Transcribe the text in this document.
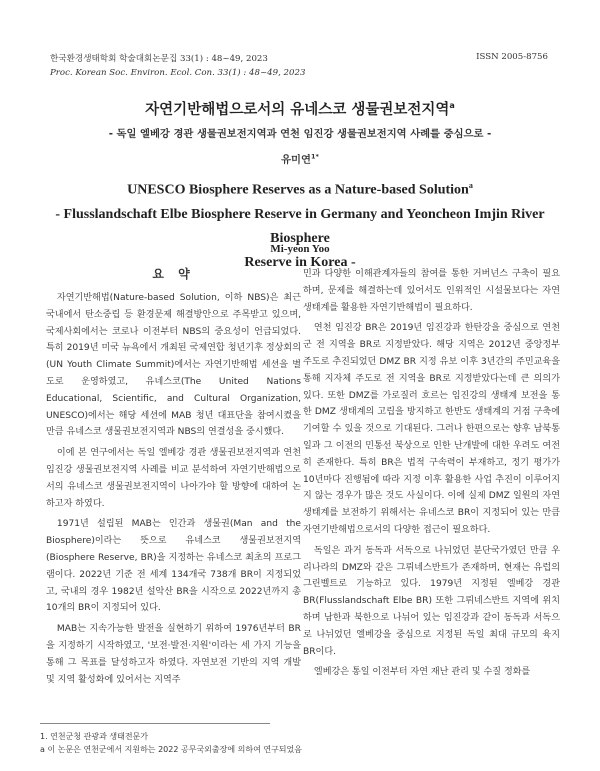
한국환경생태학회 학술대회논문집 33(1) : 48~49, 2023
Proc. Korean Soc. Environ. Ecol. Con. 33(1) : 48~49, 2023
ISSN 2005-8756
자연기반해법으로서의 유네스코 생물권보전지역$^a$
- 독일 엘베강 경관 생물권보전지역과 연천 임진강 생물권보전지역 사례를 중심으로 -
유미연$^{1*}$
UNESCO Biosphere Reserves as a Nature-based Solution$^a$
- Flusslandschaft Elbe Biosphere Reserve in Germany and Yeoncheon Imjin River Biosphere
Reserve in Korea -
Mi-yeon Yoo
요 약

자연기반해법(Nature-based Solution, 이하 NBS)은 최근 국내에서 탄소중립 등 환경문제 해결방안으로 주목받고 있으며, 국제사회에서는 코로나 이전부터 NBS의 중요성이 언급되었다. 특히 2019년 미국 뉴욕에서 개최된 국제연합 청년기후 정상회의(UN Youth Climate Summit)에서는 자연기반해법 세션을 별도로 운영하였고, 유네스코(The United Nations Educational, Scientific, and Cultural Organization, UNESCO)에서는 해당 세션에 MAB 청년 대표단을 참여시켰을 만큼 유네스코 생물권보전지역과 NBS의 연결성을 중시했다.

이에 본 연구에서는 독일 엘베강 경관 생물권보전지역과 연천 임진강 생물권보전지역 사례를 비교 분석하여 자연기반해법으로서의 유네스코 생물권보전지역이 나아가야 할 방향에 대하여 논하고자 하였다.

1971년 설립된 MAB는 인간과 생물권(Man and the Biosphere)이라는 뜻으로 유네스코 생물권보전지역(Biosphere Reserve, BR)을 지정하는 유네스코 최초의 프로그램이다. 2022년 기준 전 세계 134개국 738개 BR이 지정되었고, 국내의 경우 1982년 설악산 BR을 시작으로 2022년까지 총 10개의 BR이 지정되어 있다.

MAB는 지속가능한 발전을 실현하기 위하여 1976년부터 BR을 지정하기 시작하였고, '보전·발전·지원'이라는 세 가지 기능을 통해 그 목표를 달성하고자 하였다. 자연보전 기반의 지역 개발 및 지역 활성화에 있어서는 지역주

민과 다양한 이해관계자들의 참여를 통한 거버넌스 구축이 필요하며, 문제를 해결하는데 있어서도 인위적인 시설물보다는 자연 생태계를 활용한 자연기반해법이 필요하다.

연천 임진강 BR은 2019년 임진강과 한탄강을 중심으로 연천군 전 지역을 BR로 지정받았다. 해당 지역은 2012년 중앙정부 주도로 추진되었던 DMZ BR 지정 유보 이후 3년간의 주민교육을 통해 지자체 주도로 전 지역을 BR로 지정받았다는데 큰 의의가 있다. 또한 DMZ를 가로질러 흐르는 임진강의 생태계 보전을 통한 DMZ 생태계의 고립을 방지하고 한반도 생태계의 거점 구축에 기여할 수 있을 것으로 기대된다. 그러나 한편으로는 향후 남북통일과 그 이전의 민통선 북상으로 인한 난개발에 대한 우려도 여전히 존재한다. 특히 BR은 법적 구속력이 부재하고, 정기 평가가 10년마다 진행됨에 따라 지정 이후 활용한 사업 추진이 이루어지지 않는 경우가 많은 것도 사실이다. 이에 실제 DMZ 일원의 자연생태계를 보전하기 위해서는 유네스코 BR이 지정되어 있는 만큼 자연기반해법으로서의 다양한 접근이 필요하다.

독일은 과거 동독과 서독으로 나뉘었던 분단국가였던 만큼 우리나라의 DMZ와 같은 그뤼네스반트가 존재하며, 현재는 유럽의 그린벨트로 기능하고 있다. 1979년 지정된 엘베강 경관 BR(Flusslandschaft Elbe BR) 또한 그뤼네스반트 지역에 위치하며 남한과 북한으로 나뉘어 있는 임진강과 같이 동독과 서독으로 나뉘었던 엘베강을 중심으로 지정된 독일 최대 규모의 육지 BR이다.

엘베강은 통일 이전부터 자연 재난 관리 및 수질 정화를

1. 연천군청 관광과 생태전문가
a 이 논문은 연천군에서 지원하는 2022 공무국외출장에 의하여 연구되었음
